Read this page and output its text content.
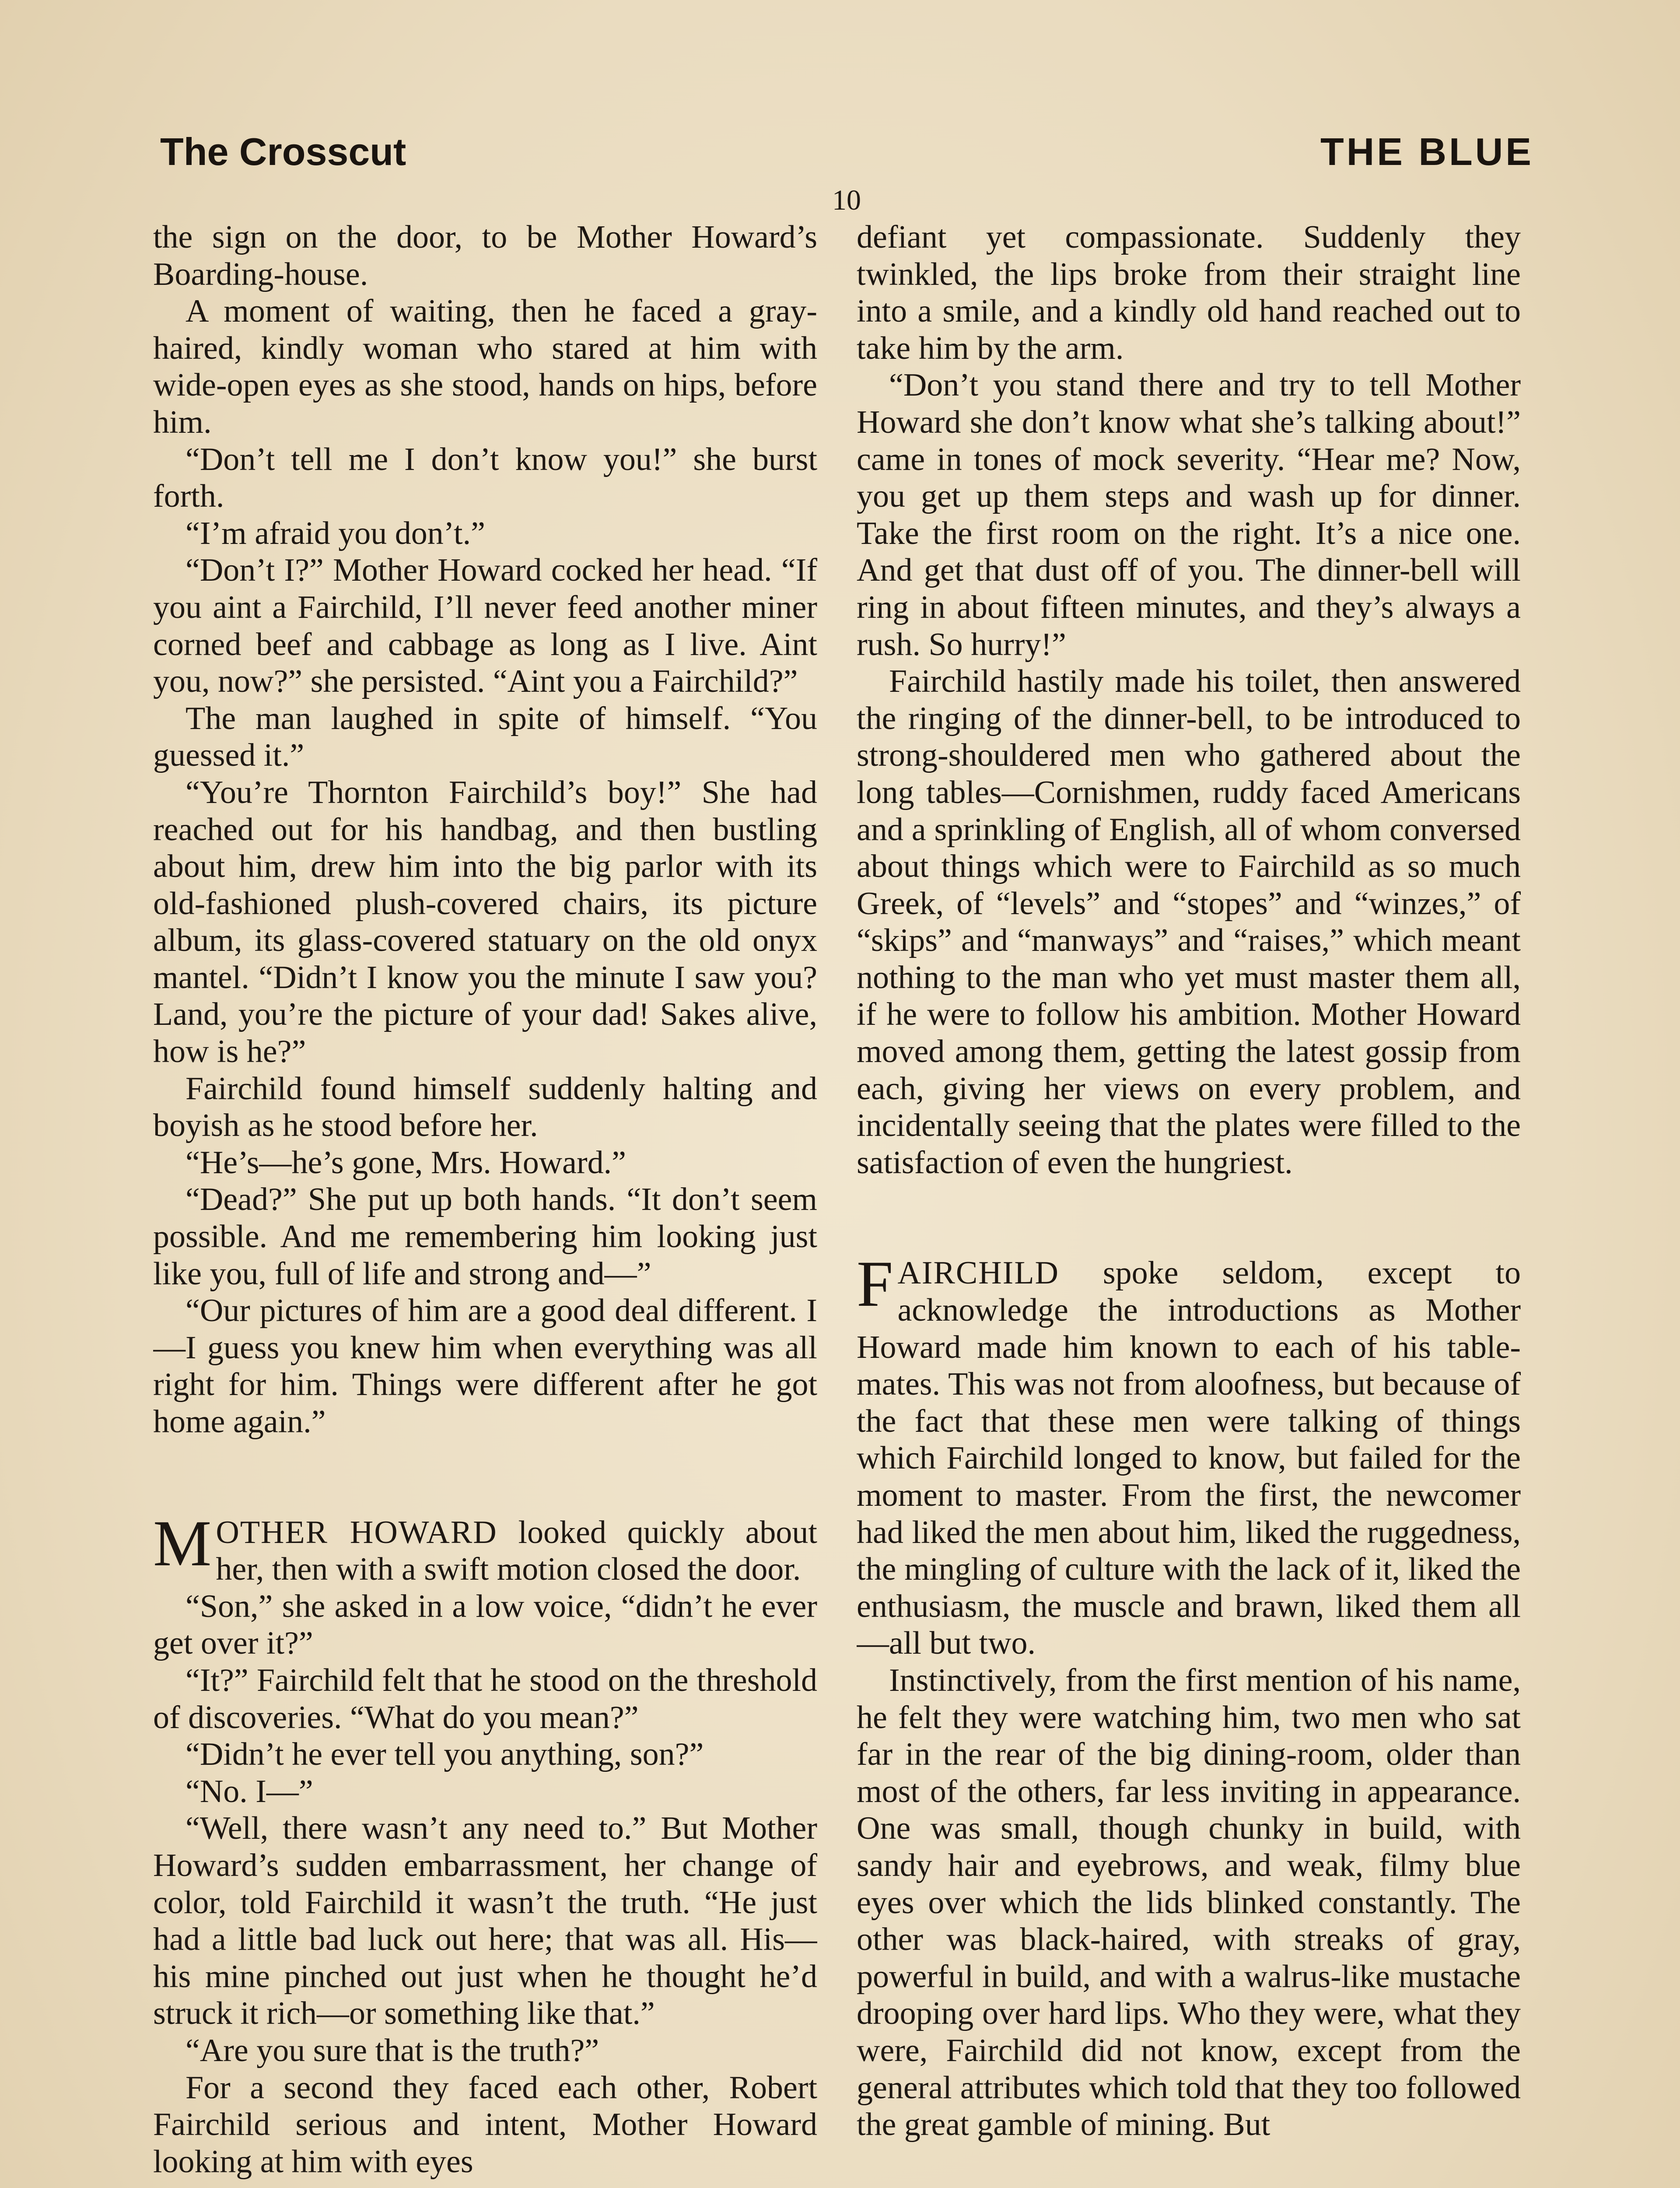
The Crosscut	THE BLUE
10

the sign on the door, to be Mother Howard’s Boarding-house.

A moment of waiting, then he faced a gray-haired, kindly woman who stared at him with wide-open eyes as she stood, hands on hips, before him.

“Don’t tell me I don’t know you!” she burst forth.

“I’m afraid you don’t.”

“Don’t I?” Mother Howard cocked her head. “If you aint a Fairchild, I’ll never feed another miner corned beef and cabbage as long as I live. Aint you, now?” she persisted. “Aint you a Fairchild?”

The man laughed in spite of himself. “You guessed it.”

“You’re Thornton Fairchild’s boy!” She had reached out for his handbag, and then bustling about him, drew him into the big parlor with its old-fashioned plush-covered chairs, its picture album, its glass-covered statuary on the old onyx mantel. “Didn’t I know you the minute I saw you? Land, you’re the picture of your dad! Sakes alive, how is he?”

Fairchild found himself suddenly halting and boyish as he stood before her.

“He’s—he’s gone, Mrs. Howard.”

“Dead?” She put up both hands. “It don’t seem possible. And me remembering him looking just like you, full of life and strong and—”

“Our pictures of him are a good deal different. I—I guess you knew him when everything was all right for him. Things were different after he got home again.”

MOTHER HOWARD looked quickly about her, then with a swift motion closed the door.

“Son,” she asked in a low voice, “didn’t he ever get over it?”

“It?” Fairchild felt that he stood on the threshold of discoveries. “What do you mean?”

“Didn’t he ever tell you anything, son?”

“No. I—”

“Well, there wasn’t any need to.” But Mother Howard’s sudden embarrassment, her change of color, told Fairchild it wasn’t the truth. “He just had a little bad luck out here; that was all. His—his mine pinched out just when he thought he’d struck it rich—or something like that.”

“Are you sure that is the truth?”

For a second they faced each other, Robert Fairchild serious and intent, Mother Howard looking at him with eyes

defiant yet compassionate. Suddenly they twinkled, the lips broke from their straight line into a smile, and a kindly old hand reached out to take him by the arm.

“Don’t you stand there and try to tell Mother Howard she don’t know what she’s talking about!” came in tones of mock severity. “Hear me? Now, you get up them steps and wash up for dinner. Take the first room on the right. It’s a nice one. And get that dust off of you. The dinner-bell will ring in about fifteen minutes, and they’s always a rush. So hurry!”

Fairchild hastily made his toilet, then answered the ringing of the dinner-bell, to be introduced to strong-shouldered men who gathered about the long tables—Cornishmen, ruddy faced Americans and a sprinkling of English, all of whom conversed about things which were to Fairchild as so much Greek, of “levels” and “stopes” and “winzes,” of “skips” and “manways” and “raises,” which meant nothing to the man who yet must master them all, if he were to follow his ambition. Mother Howard moved among them, getting the latest gossip from each, giving her views on every problem, and incidentally seeing that the plates were filled to the satisfaction of even the hungriest.

FAIRCHILD spoke seldom, except to acknowledge the introductions as Mother Howard made him known to each of his table-mates. This was not from aloofness, but because of the fact that these men were talking of things which Fairchild longed to know, but failed for the moment to master. From the first, the newcomer had liked the men about him, liked the ruggedness, the mingling of culture with the lack of it, liked the enthusiasm, the muscle and brawn, liked them all—all but two.

Instinctively, from the first mention of his name, he felt they were watching him, two men who sat far in the rear of the big dining-room, older than most of the others, far less inviting in appearance. One was small, though chunky in build, with sandy hair and eyebrows, and weak, filmy blue eyes over which the lids blinked constantly. The other was black-haired, with streaks of gray, powerful in build, and with a walrus-like mustache drooping over hard lips. Who they were, what they were, Fairchild did not know, except from the general attributes which told that they too followed the great gamble of mining. But
